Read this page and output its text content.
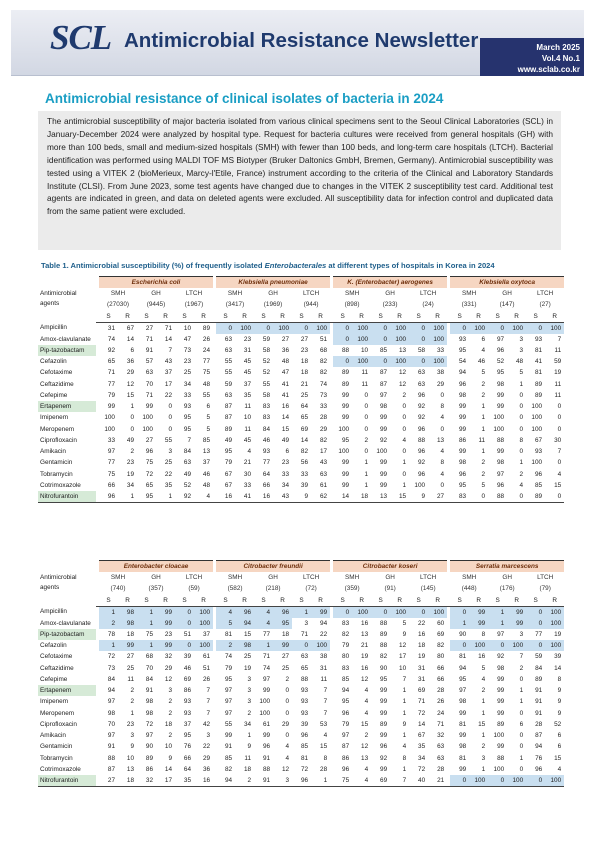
SCL Antimicrobial Resistance Newsletter	March 2025
Vol.4 No.1
www.sclab.co.kr
Antimicrobial resistance of clinical isolates of bacteria in 2024
The antimicrobial susceptibility of major bacteria isolated from various clinical specimens sent to the Seoul Clinical Laboratories (SCL) in January-December 2024 were analyzed by hospital type. Request for bacteria cultures were received from general hospitals (GH) with more than 100 beds, small and medium-sized hospitals (SMH) with fewer than 100 beds, and long-term care hospitals (LTCH). Bacterial identification was performed using MALDI TOF MS Biotyper (Bruker Daltonics GmbH, Bremen, Germany). Antimicrobial susceptibility was tested using a VITEK 2 (bioMerieux, Marcy-l'Etile, France) instrument according to the criteria of the Clinical and Laboratory Standards Institute (CLSI). From June 2023, some test agents have changed due to changes in the VITEK 2 susceptibility test card. Additional test agents are indicated in green, and data on deleted agents were excluded. All susceptibility data for infection control and duplicated data from the same patient were excluded.
Table 1. Antimicrobial susceptibility (%) of frequently isolated Enterobacterales at different types of hospitals in Korea in 2024
Antimicrobial agents		Escherichia coli							Klebsiella pneumoniae							K. (Enterobacter) aerogenes							Klebsiella oxytoca					
		SMH		GH		LTCH			SMH		GH		LTCH			SMH		GH		LTCH			SMH		GH		LTCH	
		(27030)		(9445)		(1967)			(3417)		(1969)		(944)			(898)		(233)		(24)			(331)		(147)		(27)	
		S	R	S	R	S	R		S	R	S	R	S	R		S	R	S	R	S	R		S	R	S	R	S	R
Ampicillin		31	67	27	71	10	89		0	100	0	100	0	100		0	100	0	100	0	100		0	100	0	100	0	100
Amox-clavulanate		74	14	71	14	47	26		63	23	59	27	27	51		0	100	0	100	0	100		93	6	97	3	93	7
Pip-tazobactam		92	6	91	7	73	24		63	31	58	36	23	68		88	10	85	13	58	33		95	4	96	3	81	11
Cefazolin		65	36	57	43	23	77		55	45	52	48	18	82		0	100	0	100	0	100		54	46	52	48	41	59
Cefotaxime		71	29	63	37	25	75		55	45	52	47	18	82		89	11	87	12	63	38		94	5	95	5	81	19
Ceftazidime		77	12	70	17	34	48		59	37	55	41	21	74		89	11	87	12	63	29		96	2	98	1	89	11
Cefepime		79	15	71	22	33	55		63	35	58	41	25	73		99	0	97	2	96	0		98	2	99	0	89	11
Ertapenem		99	1	99	0	93	6		87	11	83	16	64	33		99	0	98	0	92	8		99	1	99	0	100	0
Imipenem		100	0	100	0	95	5		87	10	83	14	65	28		99	0	99	0	92	4		99	1	100	0	100	0
Meropenem		100	0	100	0	95	5		89	11	84	15	69	29		100	0	99	0	96	0		99	1	100	0	100	0
Ciprofloxacin		33	49	27	55	7	85		49	45	46	49	14	82		95	2	92	4	88	13		86	11	88	8	67	30
Amikacin		97	2	96	3	84	13		95	4	93	6	82	17		100	0	100	0	96	4		99	1	99	0	93	7
Gentamicin		77	23	75	25	63	37		79	21	77	23	56	43		99	1	99	1	92	8		98	2	98	1	100	0
Tobramycin		75	19	72	22	49	46		67	30	64	33	33	63		99	1	99	0	96	4		96	2	97	2	96	4
Cotrimoxazole		66	34	65	35	52	48		67	33	66	34	39	61		99	1	99	1	100	0		95	5	96	4	85	15
Nitrofurantoin		96	1	95	1	92	4		16	41	16	43	9	62		14	18	13	15	9	27		83	0	88	0	89	0
Antimicrobial agents		Enterobacter cloacae							Citrobacter freundii							Citrobacter koseri							Serratia marcescens					
		SMH		GH		LTCH			SMH		GH		LTCH			SMH		GH		LTCH			SMH		GH		LTCH	
		(740)		(357)		(59)			(582)		(218)		(72)			(359)		(91)		(145)			(448)		(176)		(79)	
		S	R	S	R	S	R		S	R	S	R	S	R		S	R	S	R	S	R		S	R	S	R	S	R
Ampicillin		1	98	1	99	0	100		4	96	4	96	1	99		0	100	0	100	0	100		0	99	1	99	0	100
Amox-clavulanate		2	98	1	99	0	100		5	94	4	95	3	94		83	16	88	5	22	60		1	99	1	99	0	100
Pip-tazobactam		78	18	75	23	51	37		81	15	77	18	71	22		82	13	89	9	16	69		90	8	97	3	77	19
Cefazolin		1	99	1	99	0	100		2	98	1	99	0	100		79	21	88	12	18	82		0	100	0	100	0	100
Cefotaxime		72	27	68	32	39	61		74	25	71	27	63	38		80	19	82	17	19	80		81	16	92	7	59	39
Ceftazidime		73	25	70	29	46	51		79	19	74	25	65	31		83	16	90	10	31	66		94	5	98	2	84	14
Cefepime		84	11	84	12	69	26		95	3	97	2	88	11		85	12	95	7	31	66		95	4	99	0	89	8
Ertapenem		94	2	91	3	86	7		97	3	99	0	93	7		94	4	99	1	69	28		97	2	99	1	91	9
Imipenem		97	2	98	2	93	7		97	3	100	0	93	7		95	4	99	1	71	26		98	1	99	1	91	9
Meropenem		98	1	98	2	93	7		97	2	100	0	93	7		96	4	99	1	72	24		99	1	99	0	91	9
Ciprofloxacin		70	23	72	18	37	42		55	34	61	29	39	53		79	15	89	9	14	71		81	15	89	6	28	52
Amikacin		97	3	97	2	95	3		99	1	99	0	96	4		97	2	99	1	67	32		99	1	100	0	87	6
Gentamicin		91	9	90	10	76	22		91	9	96	4	85	15		87	12	96	4	35	63		98	2	99	0	94	6
Tobramycin		88	10	89	9	66	29		85	11	91	4	81	8		86	13	92	8	34	63		81	3	88	1	76	15
Cotrimoxazole		87	13	86	14	64	36		82	18	88	12	72	28		96	4	99	1	72	28		99	1	100	0	96	4
Nitrofurantoin		27	18	32	17	35	16		94	2	91	3	96	1		75	4	69	7	40	21		0	100	0	100	0	100
